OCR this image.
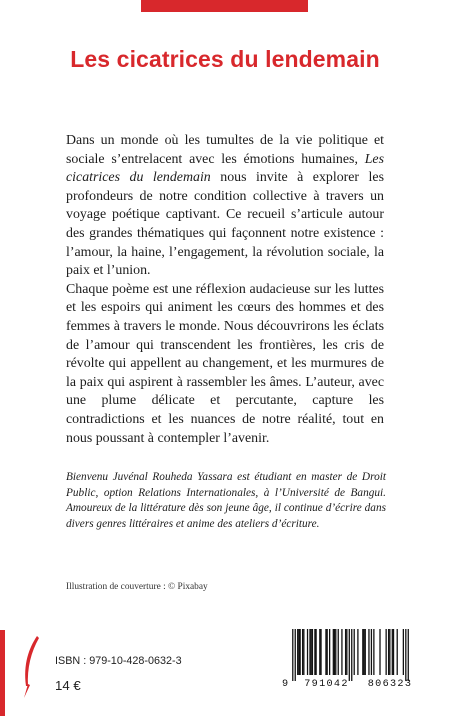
Les cicatrices du lendemain

Dans un monde où les tumultes de la vie politique et sociale s’entrelacent avec les émotions humaines, Les cicatrices du lendemain nous invite à explorer les profondeurs de notre condition collective à travers un voyage poétique captivant. Ce recueil s’articule autour des grandes thématiques qui façonnent notre existence : l’amour, la haine, l’engagement, la révolution sociale, la paix et l’union.

Chaque poème est une réflexion audacieuse sur les luttes et les espoirs qui animent les cœurs des hommes et des femmes à travers le monde. Nous découvrirons les éclats de l’amour qui transcendent les frontières, les cris de révolte qui appellent au changement, et les murmures de la paix qui aspirent à rassembler les âmes. L’auteur, avec une plume délicate et percutante, capture les contradictions et les nuances de notre réalité, tout en nous poussant à contempler l’avenir.

Bienvenu Juvénal Rouheda Yassara est étudiant en master de Droit Public, option Relations Internationales, à l’Université de Bangui. Amoureux de la littérature dès son jeune âge, il continue d’écrire dans divers genres littéraires et anime des ateliers d’écriture.
Illustration de couverture : © Pixabay
ISBN : 979-10-428-0632-3
14 €	9	791042	806323
